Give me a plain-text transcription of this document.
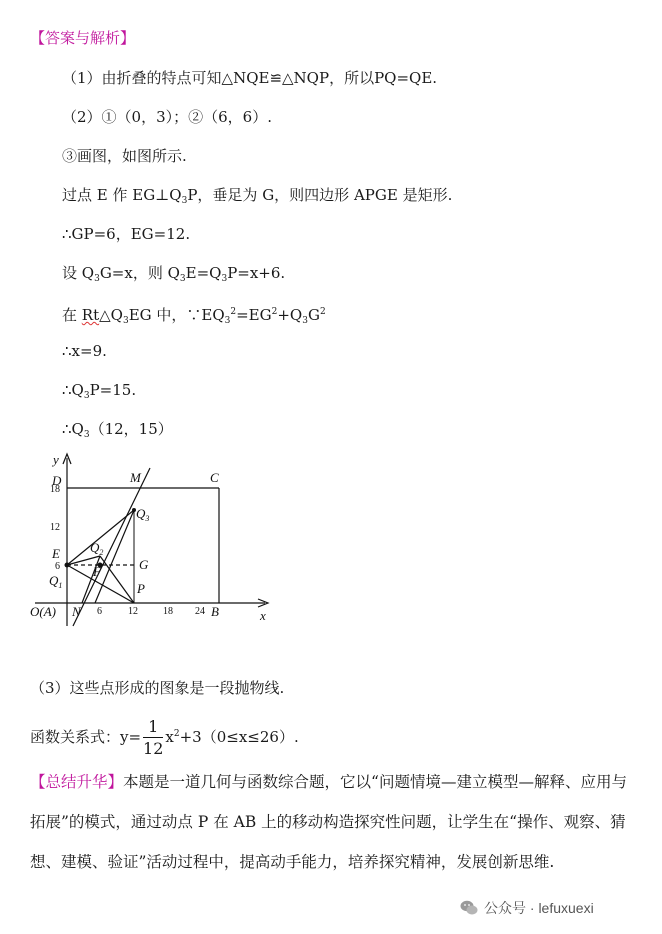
【答案与解析】
（1）由折叠的特点可知△NQE≌△NQP，所以PQ=QE.
（2）①（0，3）；②（6，6）.
③画图，如图所示.
过点 E 作 $EG\perp Q_3P$，垂足为 G，则四边形 APGE 是矩形.
∴GP=6，EG=12.
设 $Q_3G=x$，则 $Q_3E=Q_3P=x+6$.
在 $Rt\triangle Q_3EG$ 中，$\because EQ_3^2=EG^2+Q_3G^2$
∴x=9.
$\therefore Q_3P=15$.
$\therefore Q_3(12$，15）
y
x
D	M	C
$Q_3$
$Q_2$
E
G
F
$Q_1$	P
N	B
O(A)
18
12
6
6	12	18 24
（3）这些点形成的图象是一段抛物线.
函数关系式：$y= \frac{1}{12} x^2+3(0\le x\le 26)$.
【总结升华】本题是一道几何与函数综合题，它以“问题情境—建立模型—解释、应用与拓展”的模式，通过动点 P 在 AB 上的移动构造探究性问题，让学生在“操作、观察、猜想、建模、验证”活动过程中，提高动手能力，培养探究精神，发展创新思维.
公众号 · lefuxuexi
